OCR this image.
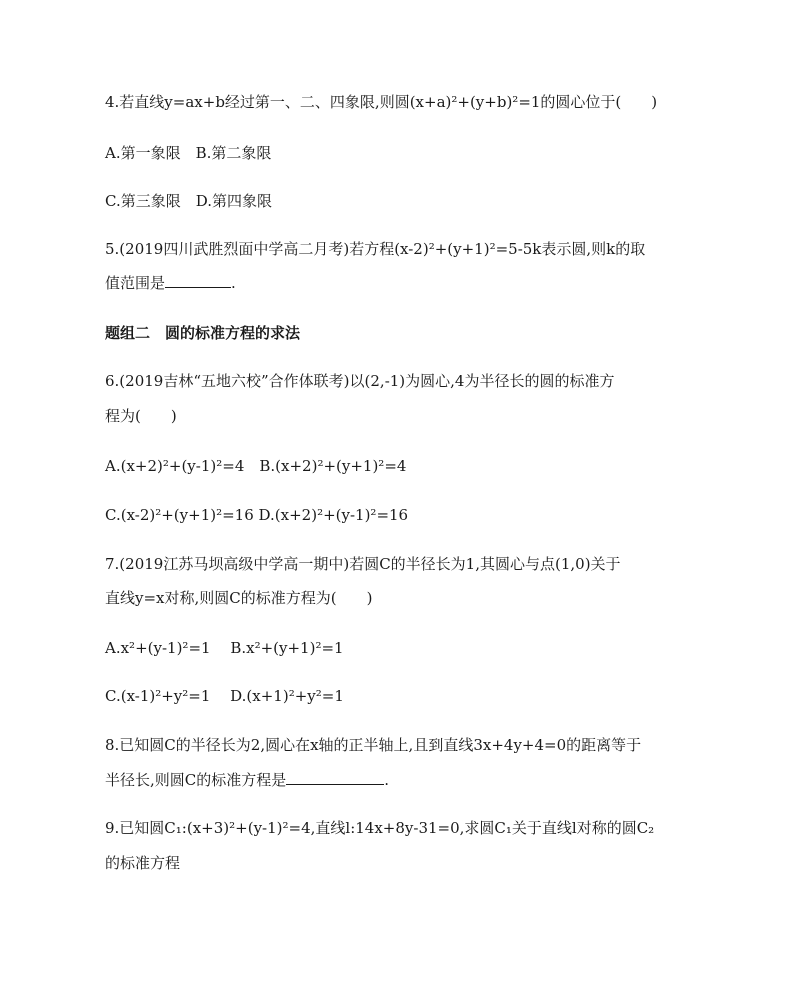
4.若直线y=ax+b经过第一、二、四象限,则圆(x+a)²+(y+b)²=1的圆心位于(　　)
A.第一象限　B.第二象限
C.第三象限　D.第四象限
5.(2019四川武胜烈面中学高二月考)若方程(x-2)²+(y+1)²=5-5k表示圆,则k的取
值范围是	.
题组二　圆的标准方程的求法
6.(2019吉林“五地六校”合作体联考)以(2,-1)为圆心,4为半径长的圆的标准方
程为(　　)
A.(x+2)²+(y-1)²=4　B.(x+2)²+(y+1)²=4
C.(x-2)²+(y+1)²=16 D.(x+2)²+(y-1)²=16
7.(2019江苏马坝高级中学高一期中)若圆C的半径长为1,其圆心与点(1,0)关于
直线y=x对称,则圆C的标准方程为(　　)
A.x²+(y-1)²=1　 B.x²+(y+1)²=1
C.(x-1)²+y²=1　 D.(x+1)²+y²=1
8.已知圆C的半径长为2,圆心在x轴的正半轴上,且到直线3x+4y+4=0的距离等于
半径长,则圆C的标准方程是	.
9.已知圆C₁:(x+3)²+(y-1)²=4,直线l:14x+8y-31=0,求圆C₁关于直线l对称的圆C₂
的标准方程
